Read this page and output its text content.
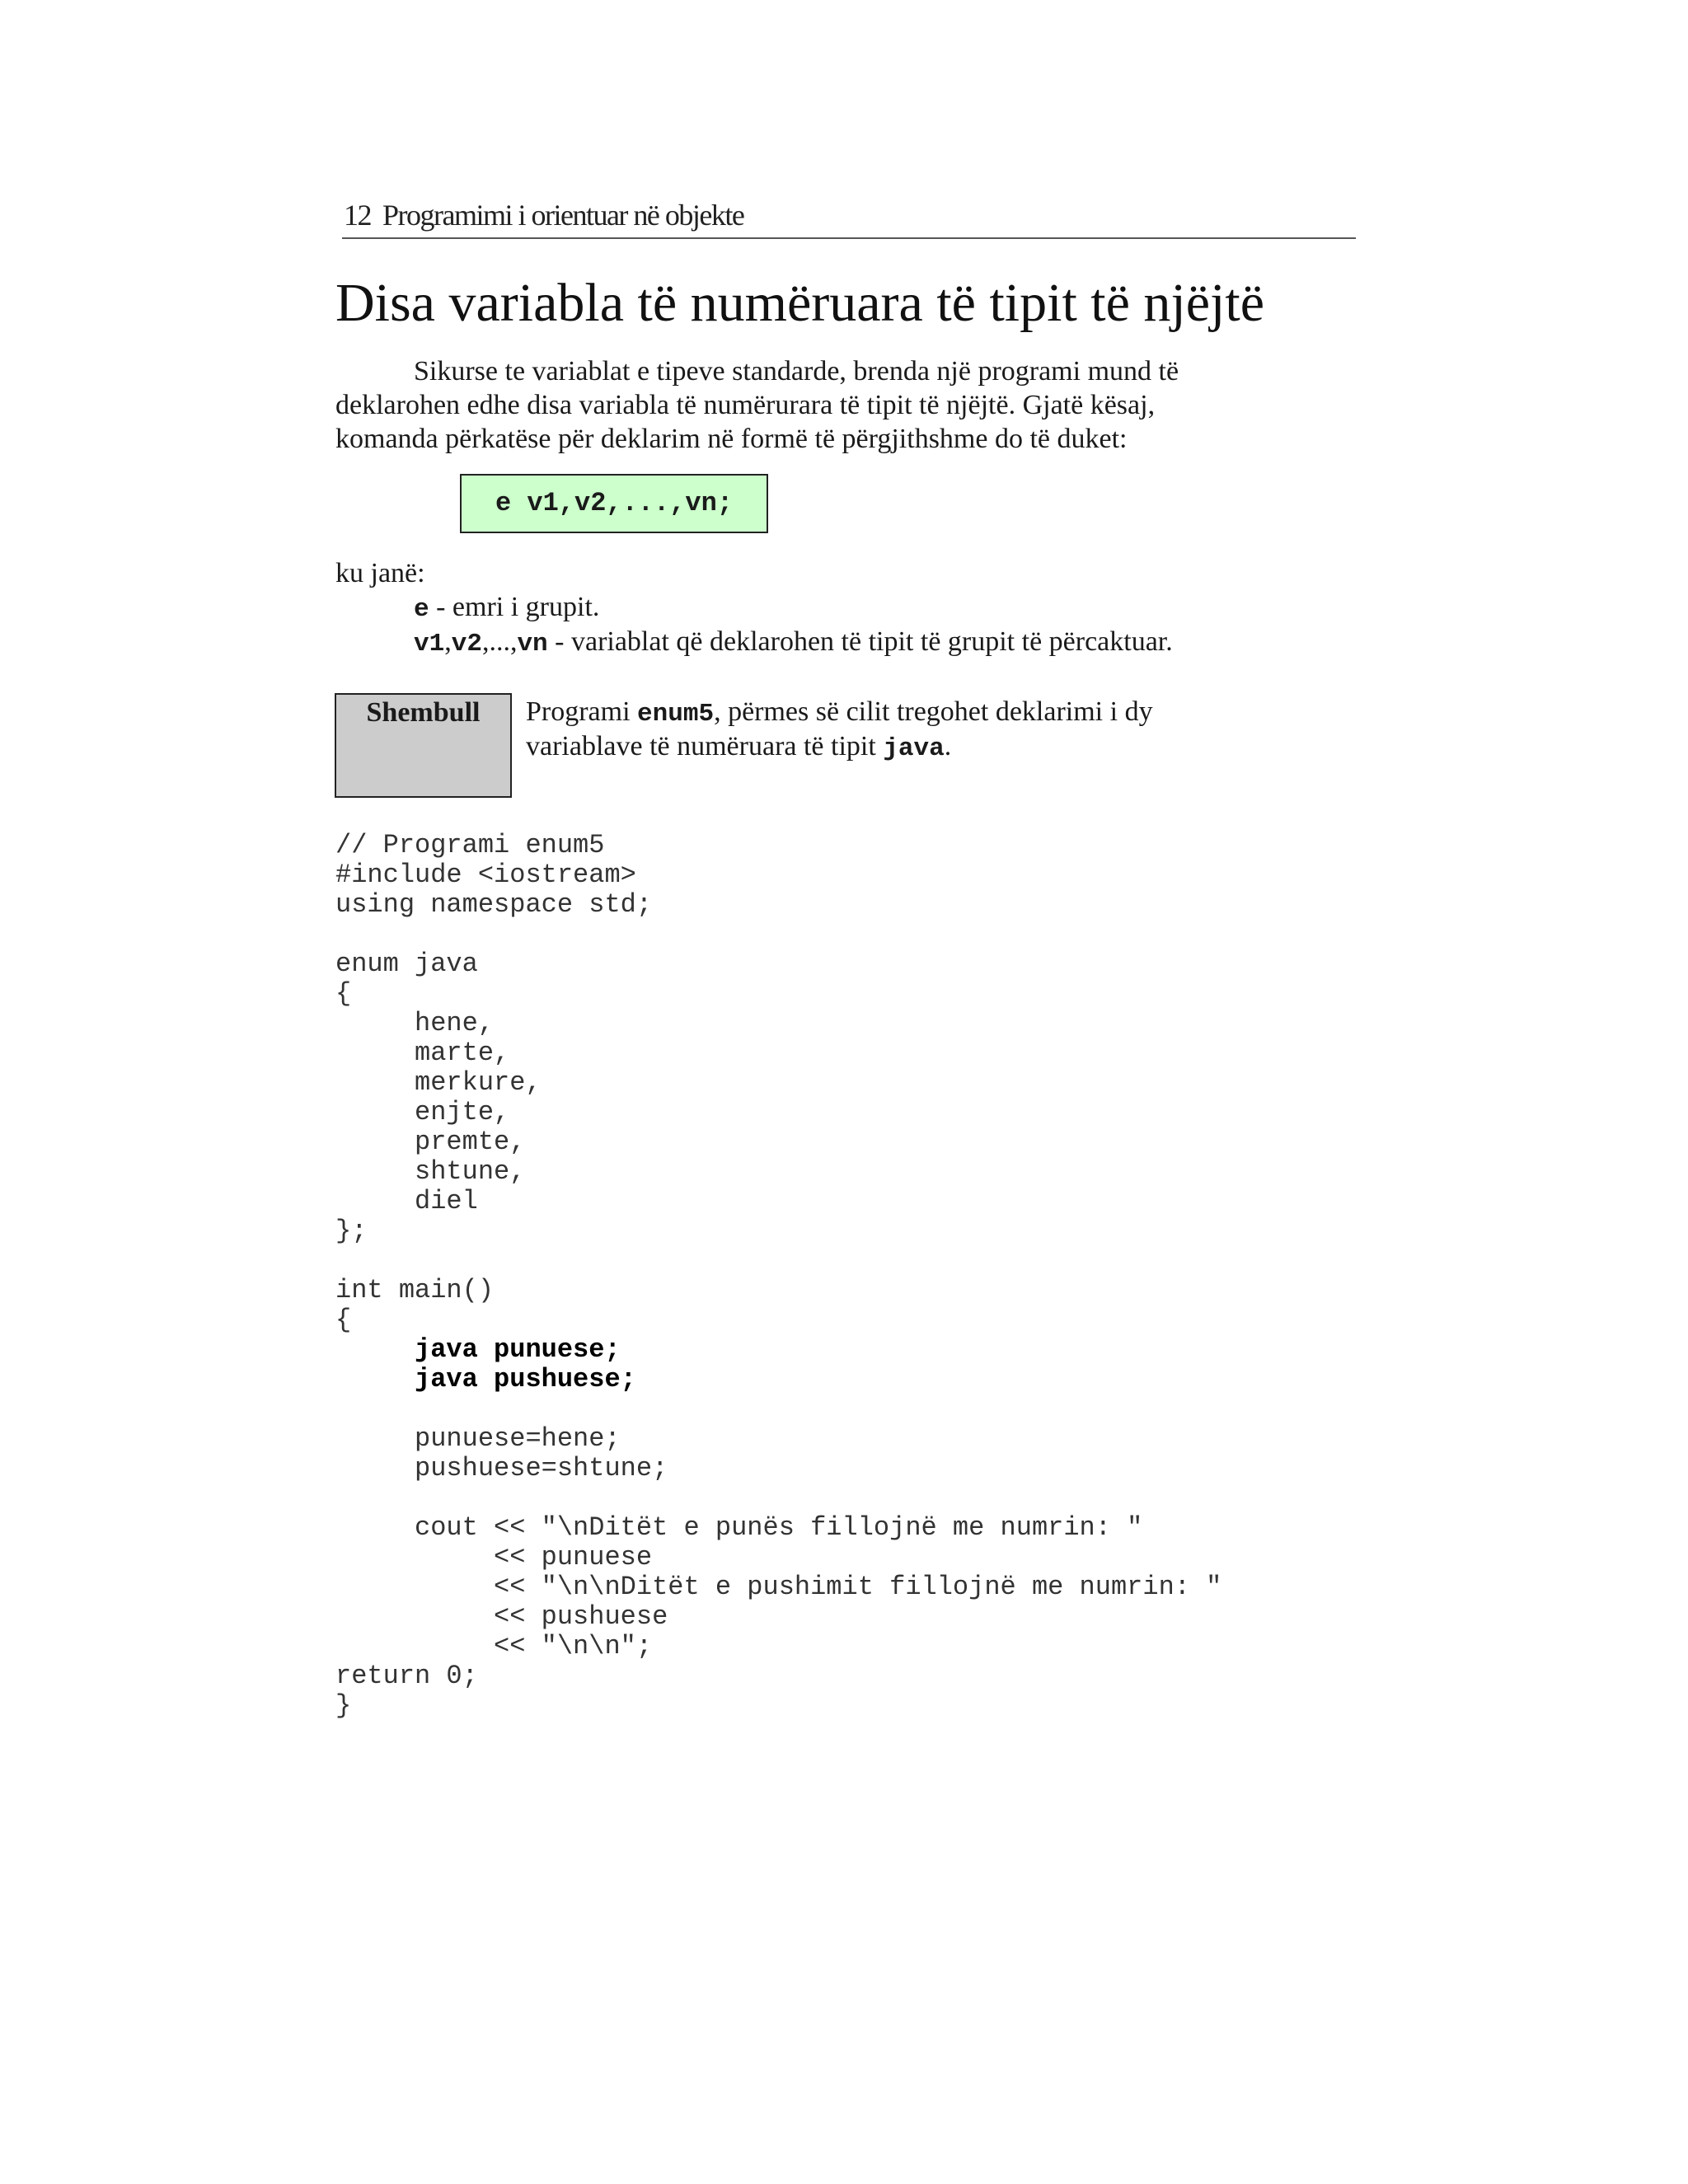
12 Programimi i orientuar në objekte
Disa variabla të numëruara të tipit të njëjtë
Sikurse te variablat e tipeve standarde, brenda një programi mund të
deklarohen edhe disa variabla të numërurara të tipit të njëjtë. Gjatë kësaj,
komanda përkatëse për deklarim në formë të përgjithshme do të duket:
e v1,v2,...,vn;
ku janë:
e - emri i grupit.
v1,v2,...,vn - variablat që deklarohen të tipit të grupit të përcaktuar.
Shembull	Programi enum5, përmes së cilit tregohet deklarimi i dy
variablave të numëruara të tipit java.
// Programi enum5
#include <iostream>
using namespace std;

enum java
{
hene,
marte,
merkure,
enjte,
premte,
shtune,
diel
};

int main()
{
java punuese;
java pushuese;

punuese=hene;
pushuese=shtune;

cout << "\nDitët e punës fillojnë me numrin: "
<< punuese
<< "\n\nDitët e pushimit fillojnë me numrin: "
<< pushuese
<< "\n\n";
return 0;
}
